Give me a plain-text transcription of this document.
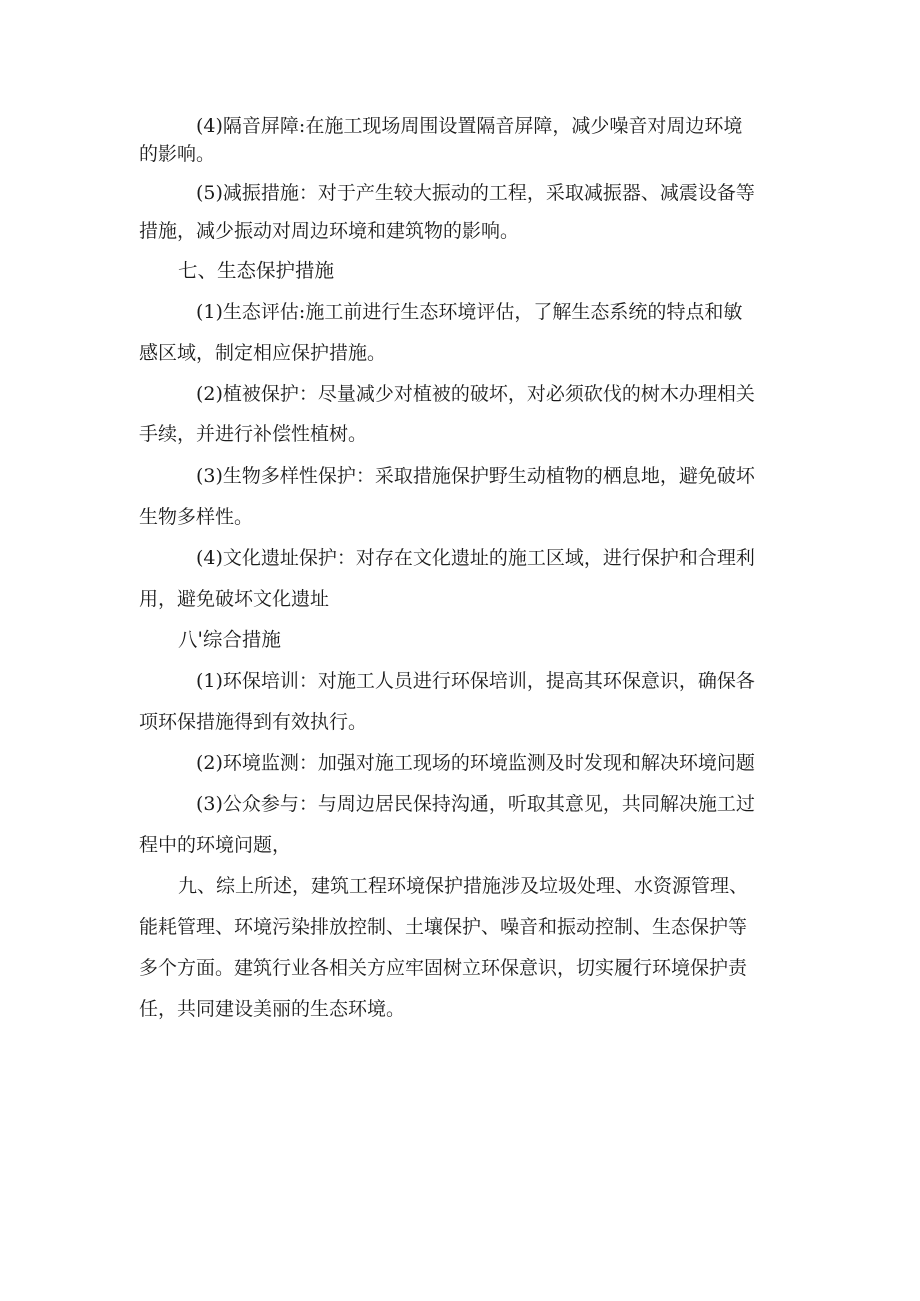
(4)隔音屏障:在施工现场周围设置隔音屏障，减少噪音对周边环境
的影响。
(5)减振措施：对于产生较大振动的工程，采取减振器、减震设备等
措施，减少振动对周边环境和建筑物的影响。
七、生态保护措施
(1)生态评估:施工前进行生态环境评估，了解生态系统的特点和敏
感区域，制定相应保护措施。
(2)植被保护：尽量减少对植被的破坏，对必须砍伐的树木办理相关
手续，并进行补偿性植树。
(3)生物多样性保护：采取措施保护野生动植物的栖息地，避免破坏
生物多样性。
(4)文化遗址保护：对存在文化遗址的施工区域，进行保护和合理利
用，避免破坏文化遗址
八'综合措施
(1)环保培训：对施工人员进行环保培训，提高其环保意识，确保各
项环保措施得到有效执行。
(2)环境监测：加强对施工现场的环境监测及时发现和解决环境问题
(3)公众参与：与周边居民保持沟通，听取其意见，共同解决施工过
程中的环境问题，
九、综上所述，建筑工程环境保护措施涉及垃圾处理、水资源管理、
能耗管理、环境污染排放控制、土壤保护、噪音和振动控制、生态保护等
多个方面。建筑行业各相关方应牢固树立环保意识，切实履行环境保护责
任，共同建设美丽的生态环境。
